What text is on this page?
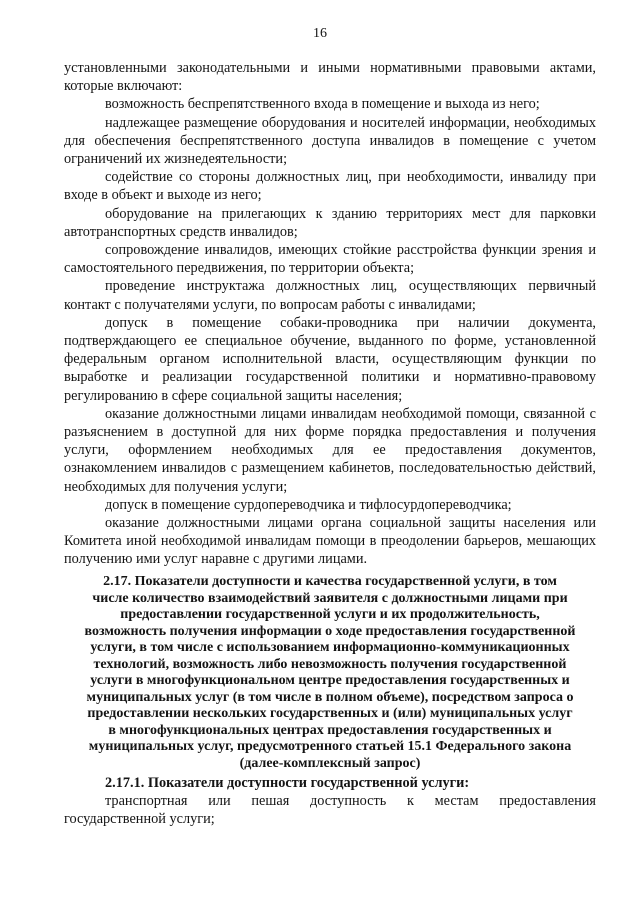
16

установленными законодательными и иными нормативными правовыми актами, которые включают:

возможность беспрепятственного входа в помещение и выхода из него;

надлежащее размещение оборудования и носителей информации, необходимых для обеспечения беспрепятственного доступа инвалидов в помещение с учетом ограничений их жизнедеятельности;

содействие со стороны должностных лиц, при необходимости, инвалиду при входе в объект и выходе из него;

оборудование на прилегающих к зданию территориях мест для парковки автотранспортных средств инвалидов;

сопровождение инвалидов, имеющих стойкие расстройства функции зрения и самостоятельного передвижения, по территории объекта;

проведение инструктажа должностных лиц, осуществляющих первичный контакт с получателями услуги, по вопросам работы с инвалидами;

допуск в помещение собаки-проводника при наличии документа, подтверждающего ее специальное обучение, выданного по форме, установленной федеральным органом исполнительной власти, осуществляющим функции по выработке и реализации государственной политики и нормативно-правовому регулированию в сфере социальной защиты населения;

оказание должностными лицами инвалидам необходимой помощи, связанной с разъяснением в доступной для них форме порядка предоставления и получения услуги, оформлением необходимых для ее предоставления документов, ознакомлением инвалидов с размещением кабинетов, последовательностью действий, необходимых для получения услуги;

допуск в помещение сурдопереводчика и тифлосурдопереводчика;

оказание должностными лицами органа социальной защиты населения или Комитета иной необходимой инвалидам помощи в преодолении барьеров, мешающих получению ими услуг наравне с другими лицами.

2.17. Показатели доступности и качества государственной услуги, в том
числе количество взаимодействий заявителя с должностными лицами при
предоставлении государственной услуги и их продолжительность,
возможность получения информации о ходе предоставления государственной
услуги, в том числе с использованием информационно-коммуникационных
технологий, возможность либо невозможность получения государственной
услуги в многофункциональном центре предоставления государственных и
муниципальных услуг (в том числе в полном объеме), посредством запроса о
предоставлении нескольких государственных и (или) муниципальных услуг
в многофункциональных центрах предоставления государственных и
муниципальных услуг, предусмотренного статьей 15.1 Федерального закона
(далее-комплексный запрос)

2.17.1. Показатели доступности государственной услуги:

транспортная или пешая доступность к местам предоставления государственной услуги;
